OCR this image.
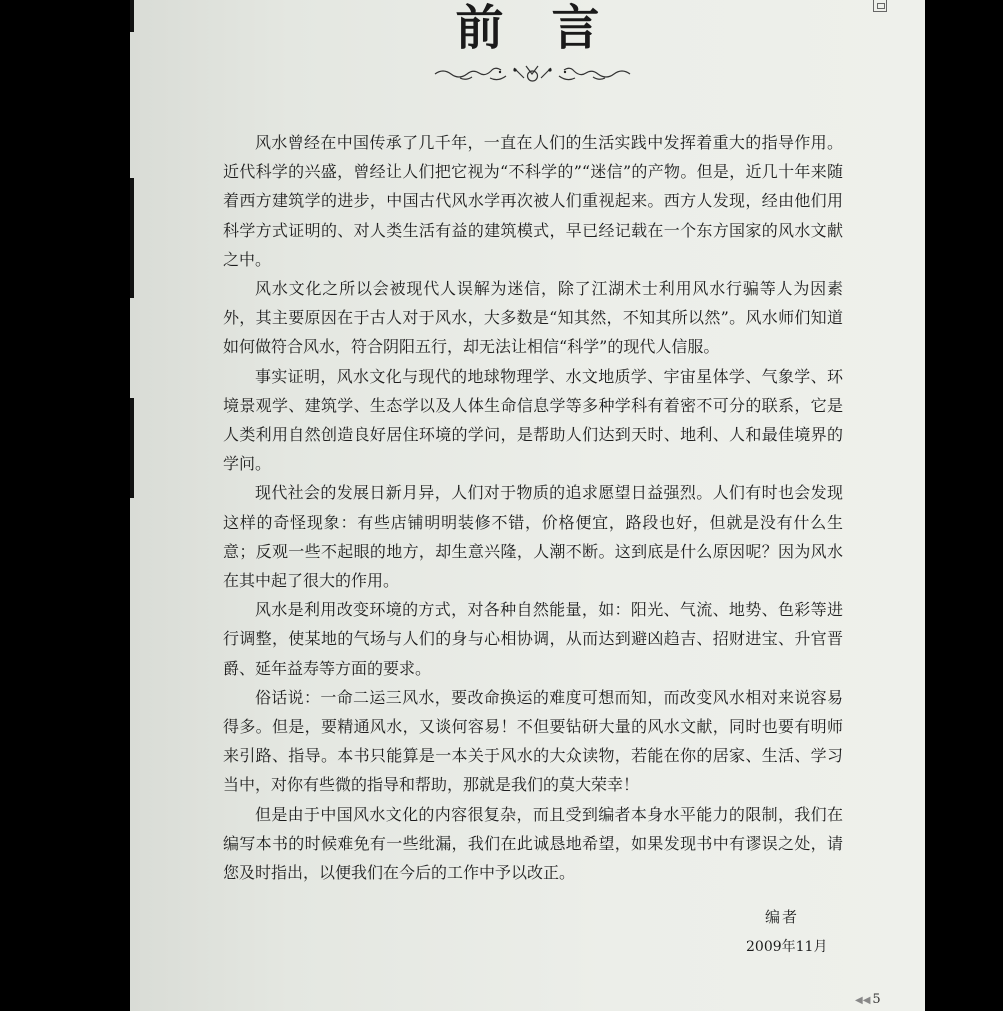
前言

风水曾经在中国传承了几千年，一直在人们的生活实践中发挥着重大的指导作用。近代科学的兴盛，曾经让人们把它视为“不科学的”“迷信”的产物。但是，近几十年来随着西方建筑学的进步，中国古代风水学再次被人们重视起来。西方人发现，经由他们用科学方式证明的、对人类生活有益的建筑模式，早已经记载在一个东方国家的风水文献之中。

风水文化之所以会被现代人误解为迷信，除了江湖术士利用风水行骗等人为因素外，其主要原因在于古人对于风水，大多数是“知其然，不知其所以然”。风水师们知道如何做符合风水，符合阴阳五行，却无法让相信“科学”的现代人信服。

事实证明，风水文化与现代的地球物理学、水文地质学、宇宙星体学、气象学、环境景观学、建筑学、生态学以及人体生命信息学等多种学科有着密不可分的联系，它是人类利用自然创造良好居住环境的学问，是帮助人们达到天时、地利、人和最佳境界的学问。

现代社会的发展日新月异，人们对于物质的追求愿望日益强烈。人们有时也会发现这样的奇怪现象：有些店铺明明装修不错，价格便宜，路段也好，但就是没有什么生意；反观一些不起眼的地方，却生意兴隆，人潮不断。这到底是什么原因呢？因为风水在其中起了很大的作用。

风水是利用改变环境的方式，对各种自然能量，如：阳光、气流、地势、色彩等进行调整，使某地的气场与人们的身与心相协调，从而达到避凶趋吉、招财进宝、升官晋爵、延年益寿等方面的要求。

俗话说：一命二运三风水，要改命换运的难度可想而知，而改变风水相对来说容易得多。但是，要精通风水，又谈何容易！不但要钻研大量的风水文献，同时也要有明师来引路、指导。本书只能算是一本关于风水的大众读物，若能在你的居家、生活、学习当中，对你有些微的指导和帮助，那就是我们的莫大荣幸！

但是由于中国风水文化的内容很复杂，而且受到编者本身水平能力的限制，我们在编写本书的时候难免有一些纰漏，我们在此诚恳地希望，如果发现书中有谬误之处，请您及时指出，以便我们在今后的工作中予以改正。

编者
2009年11月
◀◀ 5
